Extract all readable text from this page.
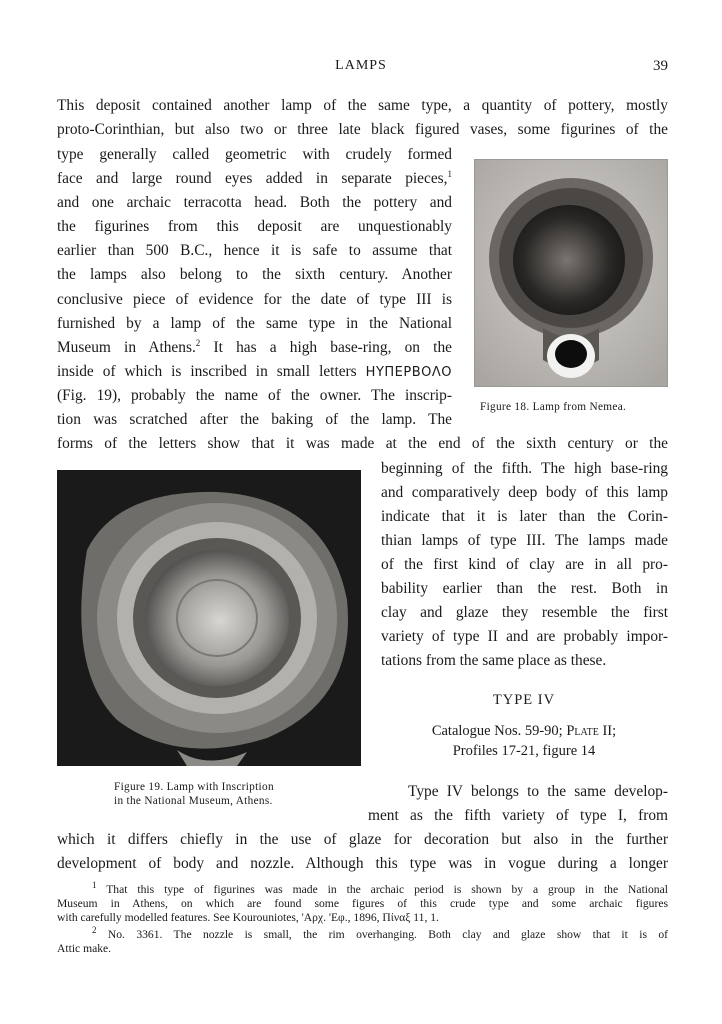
LAMPS	39
This deposit contained another lamp of the same type, a quantity of pottery, mostly
proto-Corinthian, but also two or three late black figured vases, some figurines of the
type generally called geometric with crudely formed
face and large round eyes added in separate pieces,$^1$
and one archaic terracotta head. Both the pottery and
the figurines from this deposit are unquestionably
earlier than 500 B.C., hence it is safe to assume that
the lamps also belong to the sixth century. Another
conclusive piece of evidence for the date of type III is
furnished by a lamp of the same type in the National
Museum in Athens.$^2$ It has a high base-ring, on the
inside of which is inscribed in small letters ΗΥΠΕΡΒΟΛΟ
(Fig. 19), probably the name of the owner. The inscrip-
tion was scratched after the baking of the lamp. The
forms of the letters show that it was made at the end of the sixth century or the
beginning of the fifth. The high base-ring
and comparatively deep body of this lamp
indicate that it is later than the Corin-
thian lamps of type III. The lamps made
of the first kind of clay are in all pro-
bability earlier than the rest. Both in
clay and glaze they resemble the first
variety of type II and are probably impor-
tations from the same place as these.
Type IV belongs to the same develop-
ment as the fifth variety of type I, from
which it differs chiefly in the use of glaze for decoration but also in the further
development of body and nozzle. Although this type was in vogue during a longer
Figure 18. Lamp from Nemea.
Figure 19. Lamp with Inscription
in the National Museum, Athens.
TYPE IV
Catalogue Nos. 59-90; Plate II;
Profiles 17-21, figure 14
$^1$ That this type of figurines was made in the archaic period is shown by a group in the National
Museum in Athens, on which are found some figures of this crude type and some archaic figures
with carefully modelled features. See Kourouniotes, 'Αρχ. 'Εφ., 1896, Πίναξ 11, 1.
$^2$ No. 3361. The nozzle is small, the rim overhanging. Both clay and glaze show that it is of
Attic make.
